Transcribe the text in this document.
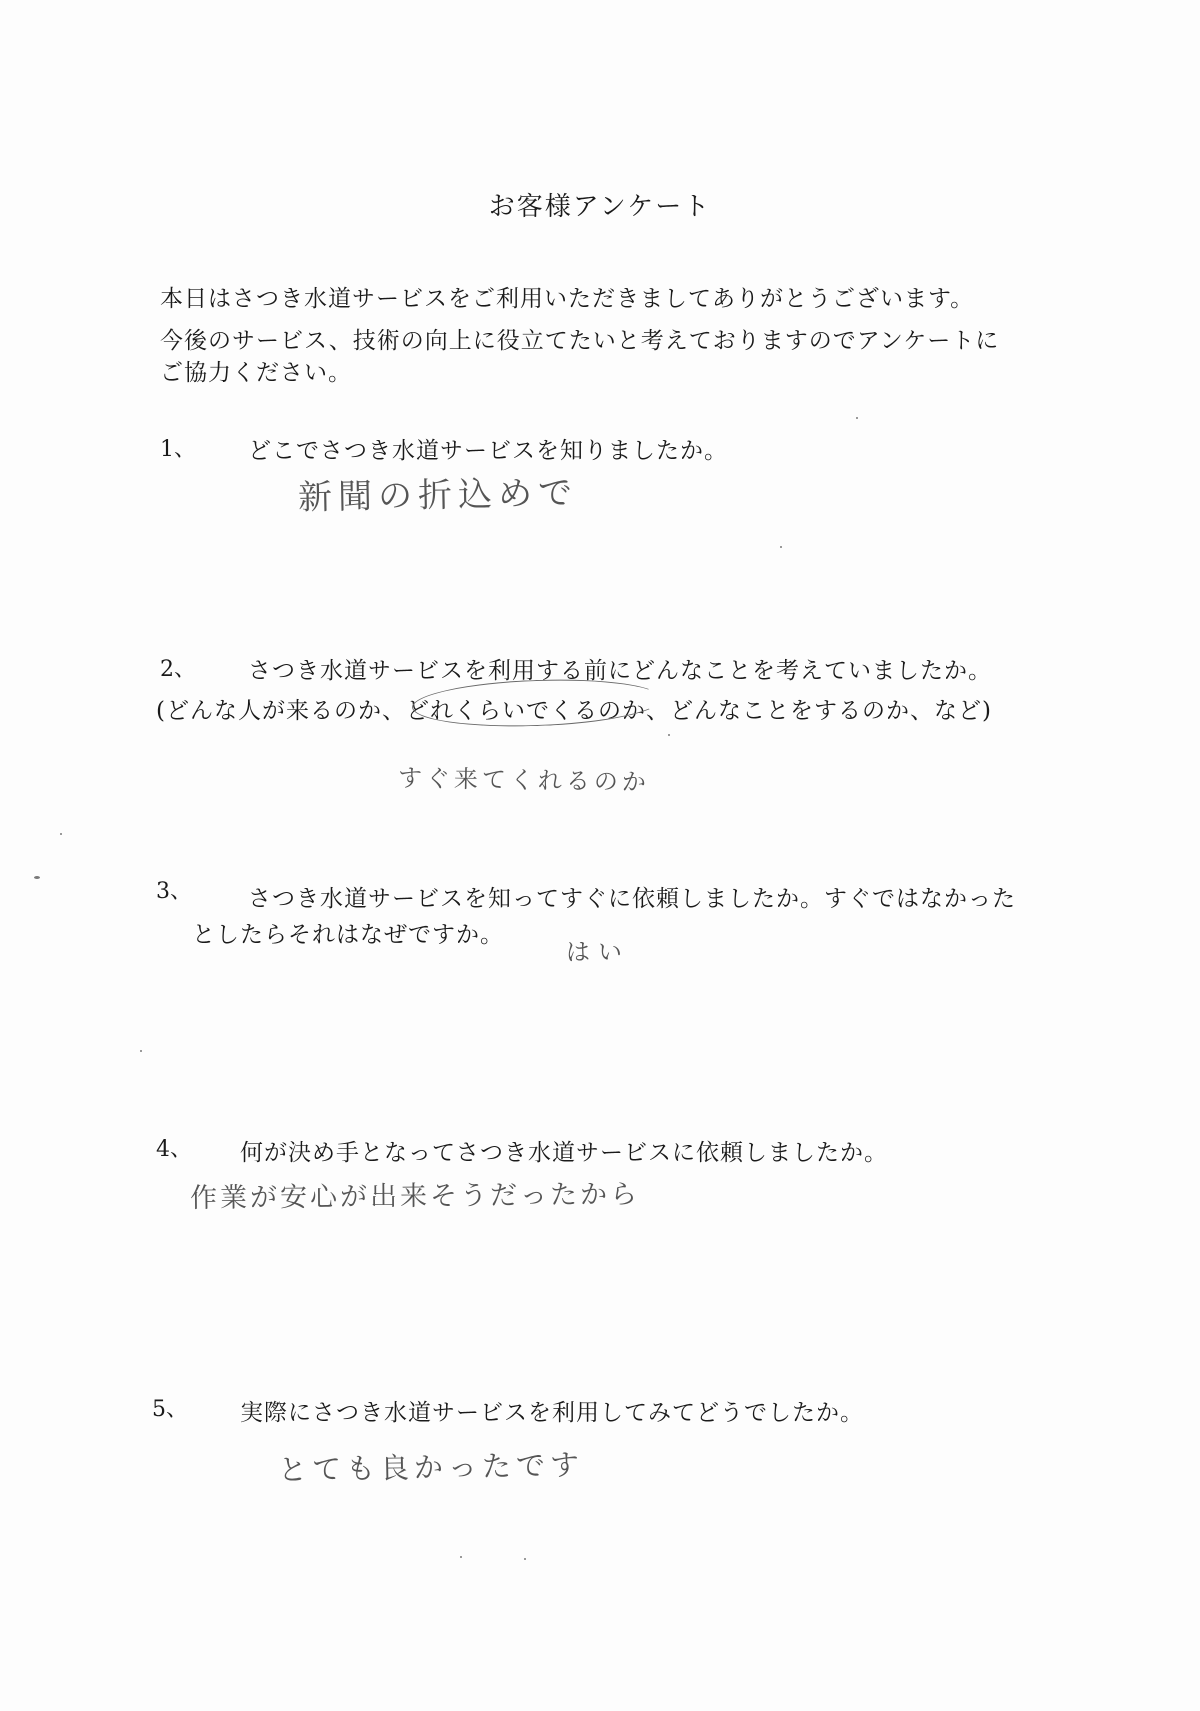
お客様アンケート
本日はさつき水道サービスをご利用いただきましてありがとうございます。
今後のサービス、技術の向上に役立てたいと考えておりますのでアンケートに
ご協力ください。
1、 どこでさつき水道サービスを知りましたか。
新聞の折込めで
2、 さつき水道サービスを利用する前にどんなことを考えていましたか。
(どんな人が来るのか、どれくらいでくるのか、どんなことをするのか、など)
すぐ来てくれるのか
3、 さつき水道サービスを知ってすぐに依頼しましたか。すぐではなかった
としたらそれはなぜですか。
はい
4、 何が決め手となってさつき水道サービスに依頼しましたか。
作業が安心が出来そうだったから
5、 実際にさつき水道サービスを利用してみてどうでしたか。
とても良かったです
